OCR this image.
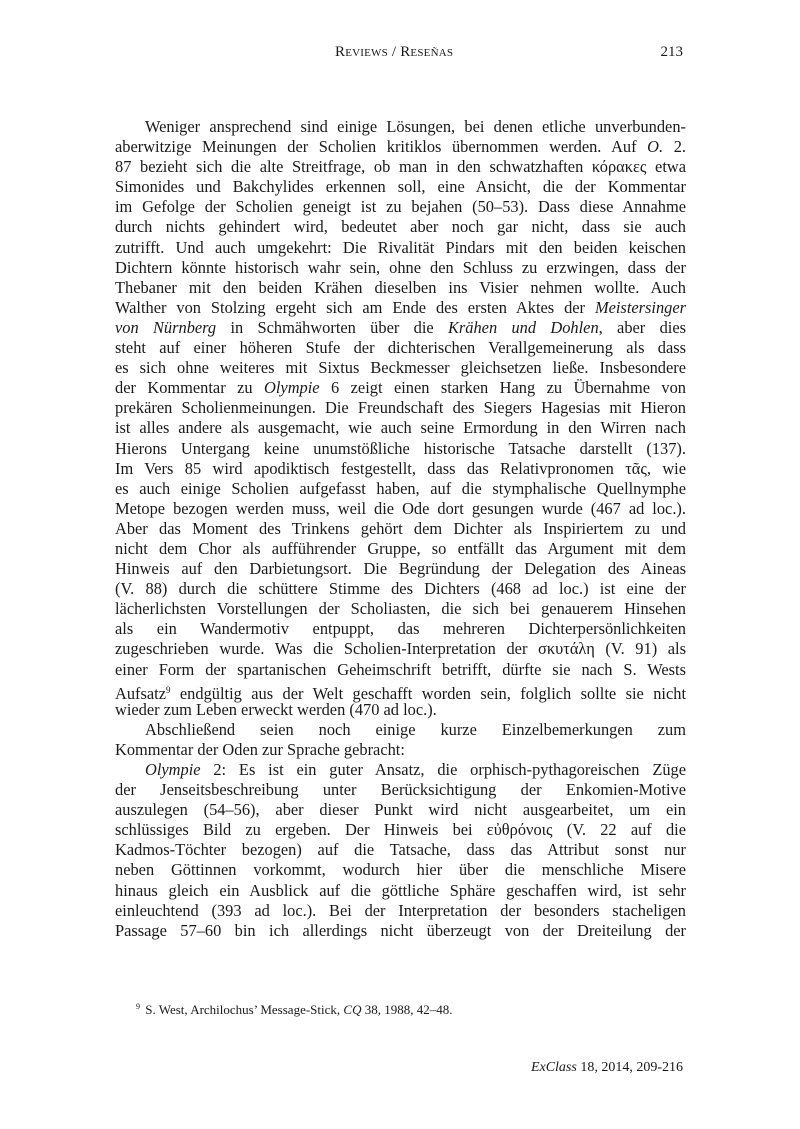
Reviews / Reseñas	213
Weniger ansprechend sind einige Lösungen, bei denen etliche unverbunden-
aberwitzige Meinungen der Scholien kritiklos übernommen werden. Auf O. 2.
87 bezieht sich die alte Streitfrage, ob man in den schwatzhaften κόρακες etwa
Simonides und Bakchylides erkennen soll, eine Ansicht, die der Kommentar
im Gefolge der Scholien geneigt ist zu bejahen (50–53). Dass diese Annahme
durch nichts gehindert wird, bedeutet aber noch gar nicht, dass sie auch
zutrifft. Und auch umgekehrt: Die Rivalität Pindars mit den beiden keischen
Dichtern könnte historisch wahr sein, ohne den Schluss zu erzwingen, dass der
Thebaner mit den beiden Krähen dieselben ins Visier nehmen wollte. Auch
Walther von Stolzing ergeht sich am Ende des ersten Aktes der Meistersinger
von Nürnberg in Schmähworten über die Krähen und Dohlen, aber dies
steht auf einer höheren Stufe der dichterischen Verallgemeinerung als dass
es sich ohne weiteres mit Sixtus Beckmesser gleichsetzen ließe. Insbesondere
der Kommentar zu Olympie 6 zeigt einen starken Hang zu Übernahme von
prekären Scholienmeinungen. Die Freundschaft des Siegers Hagesias mit Hieron
ist alles andere als ausgemacht, wie auch seine Ermordung in den Wirren nach
Hierons Untergang keine unumstößliche historische Tatsache darstellt (137).
Im Vers 85 wird apodiktisch festgestellt, dass das Relativpronomen τᾶς, wie
es auch einige Scholien aufgefasst haben, auf die stymphalische Quellnymphe
Metope bezogen werden muss, weil die Ode dort gesungen wurde (467 ad loc.).
Aber das Moment des Trinkens gehört dem Dichter als Inspiriertem zu und
nicht dem Chor als aufführender Gruppe, so entfällt das Argument mit dem
Hinweis auf den Darbietungsort. Die Begründung der Delegation des Aineas
(V. 88) durch die schüttere Stimme des Dichters (468 ad loc.) ist eine der
lächerlichsten Vorstellungen der Scholiasten, die sich bei genauerem Hinsehen
als ein Wandermotiv entpuppt, das mehreren Dichterpersönlichkeiten
zugeschrieben wurde. Was die Scholien-Interpretation der σκυτάλη (V. 91) als
einer Form der spartanischen Geheimschrift betrifft, dürfte sie nach S. Wests
Aufsatz$^9$ endgültig aus der Welt geschafft worden sein, folglich sollte sie nicht
wieder zum Leben erweckt werden (470 ad loc.).
Abschließend seien noch einige kurze Einzelbemerkungen zum
Kommentar der Oden zur Sprache gebracht:
Olympie 2: Es ist ein guter Ansatz, die orphisch-pythagoreischen Züge
der Jenseitsbeschreibung unter Berücksichtigung der Enkomien-Motive
auszulegen (54–56), aber dieser Punkt wird nicht ausgearbeitet, um ein
schlüssiges Bild zu ergeben. Der Hinweis bei εὐθρόνοις (V. 22 auf die
Kadmos-Töchter bezogen) auf die Tatsache, dass das Attribut sonst nur
neben Göttinnen vorkommt, wodurch hier über die menschliche Misere
hinaus gleich ein Ausblick auf die göttliche Sphäre geschaffen wird, ist sehr
einleuchtend (393 ad loc.). Bei der Interpretation der besonders stacheligen
Passage 57–60 bin ich allerdings nicht überzeugt von der Dreiteilung der
$^9$ S. West, Archilochus’ Message-Stick, CQ 38, 1988, 42–48.
ExClass 18, 2014, 209-216
